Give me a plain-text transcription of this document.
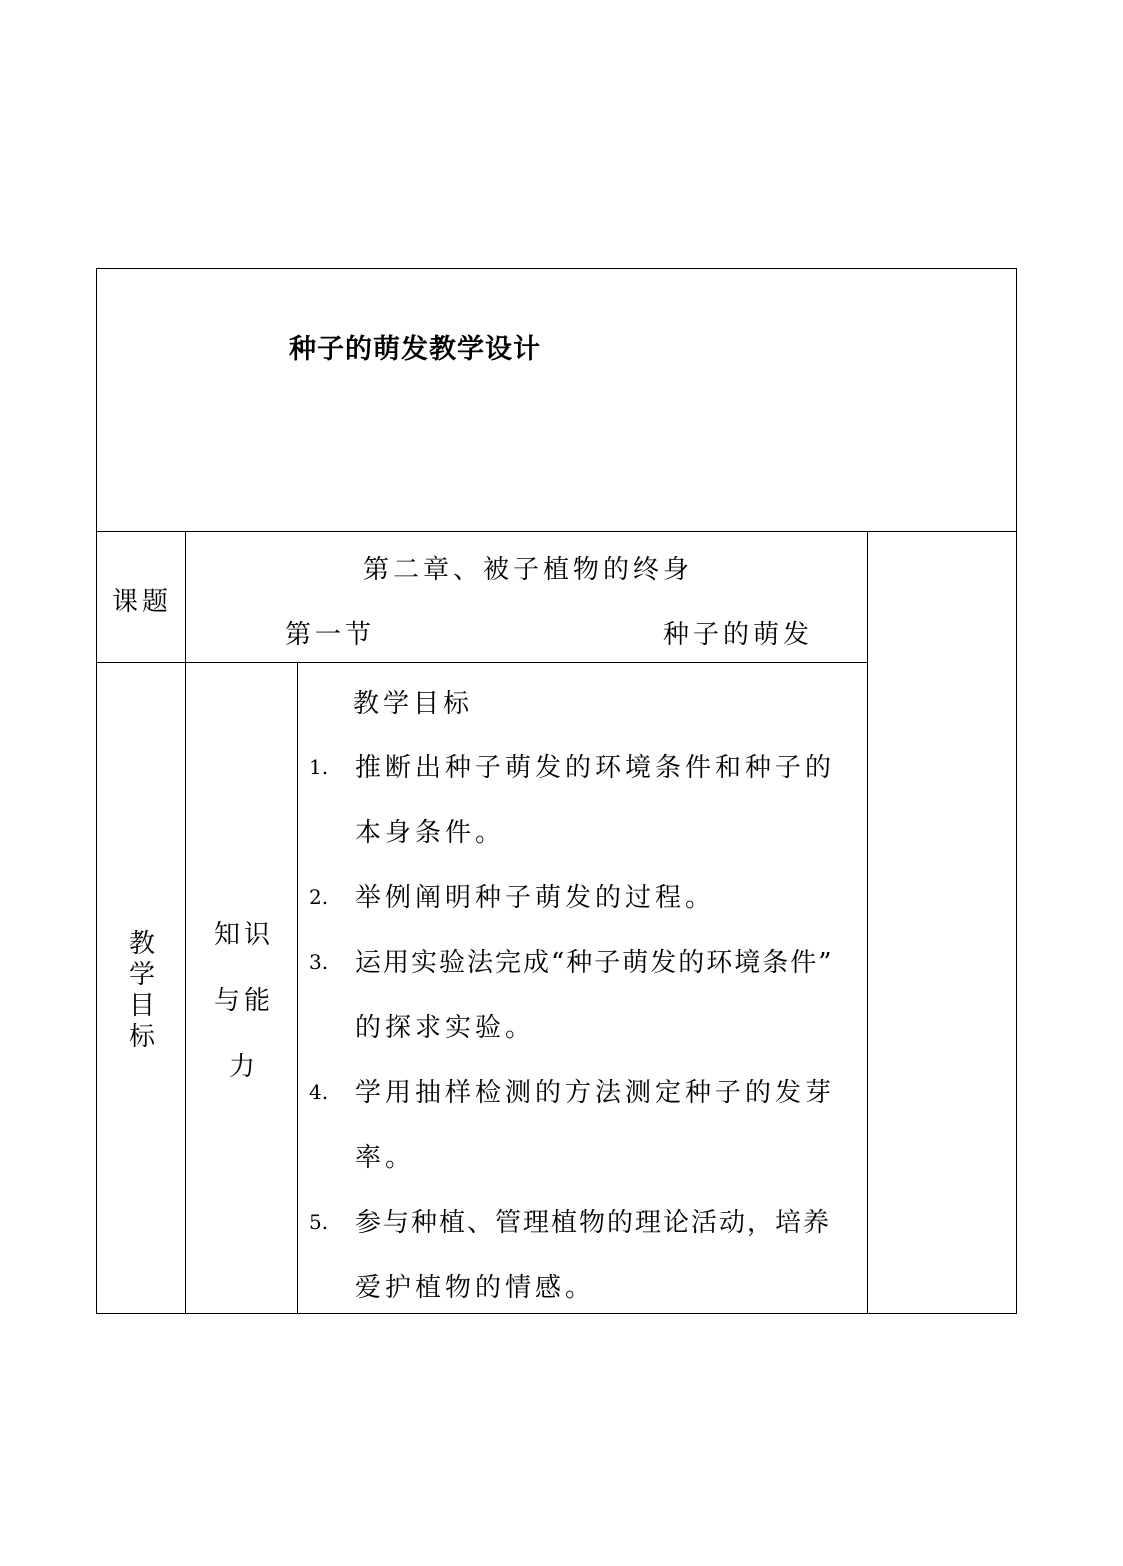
种子的萌发教学设计
课题
第二章、被子植物的终身
第一节	种子的萌发
教学目标
知识与能力
教学目标
1. 推断出种子萌发的环境条件和种子的
本身条件。
2. 举例阐明种子萌发的过程。
3. 运用实验法完成“种子萌发的环境条件”
的探求实验。
4. 学用抽样检测的方法测定种子的发芽
率。
5. 参与种植、管理植物的理论活动，培养
爱护植物的情感。
